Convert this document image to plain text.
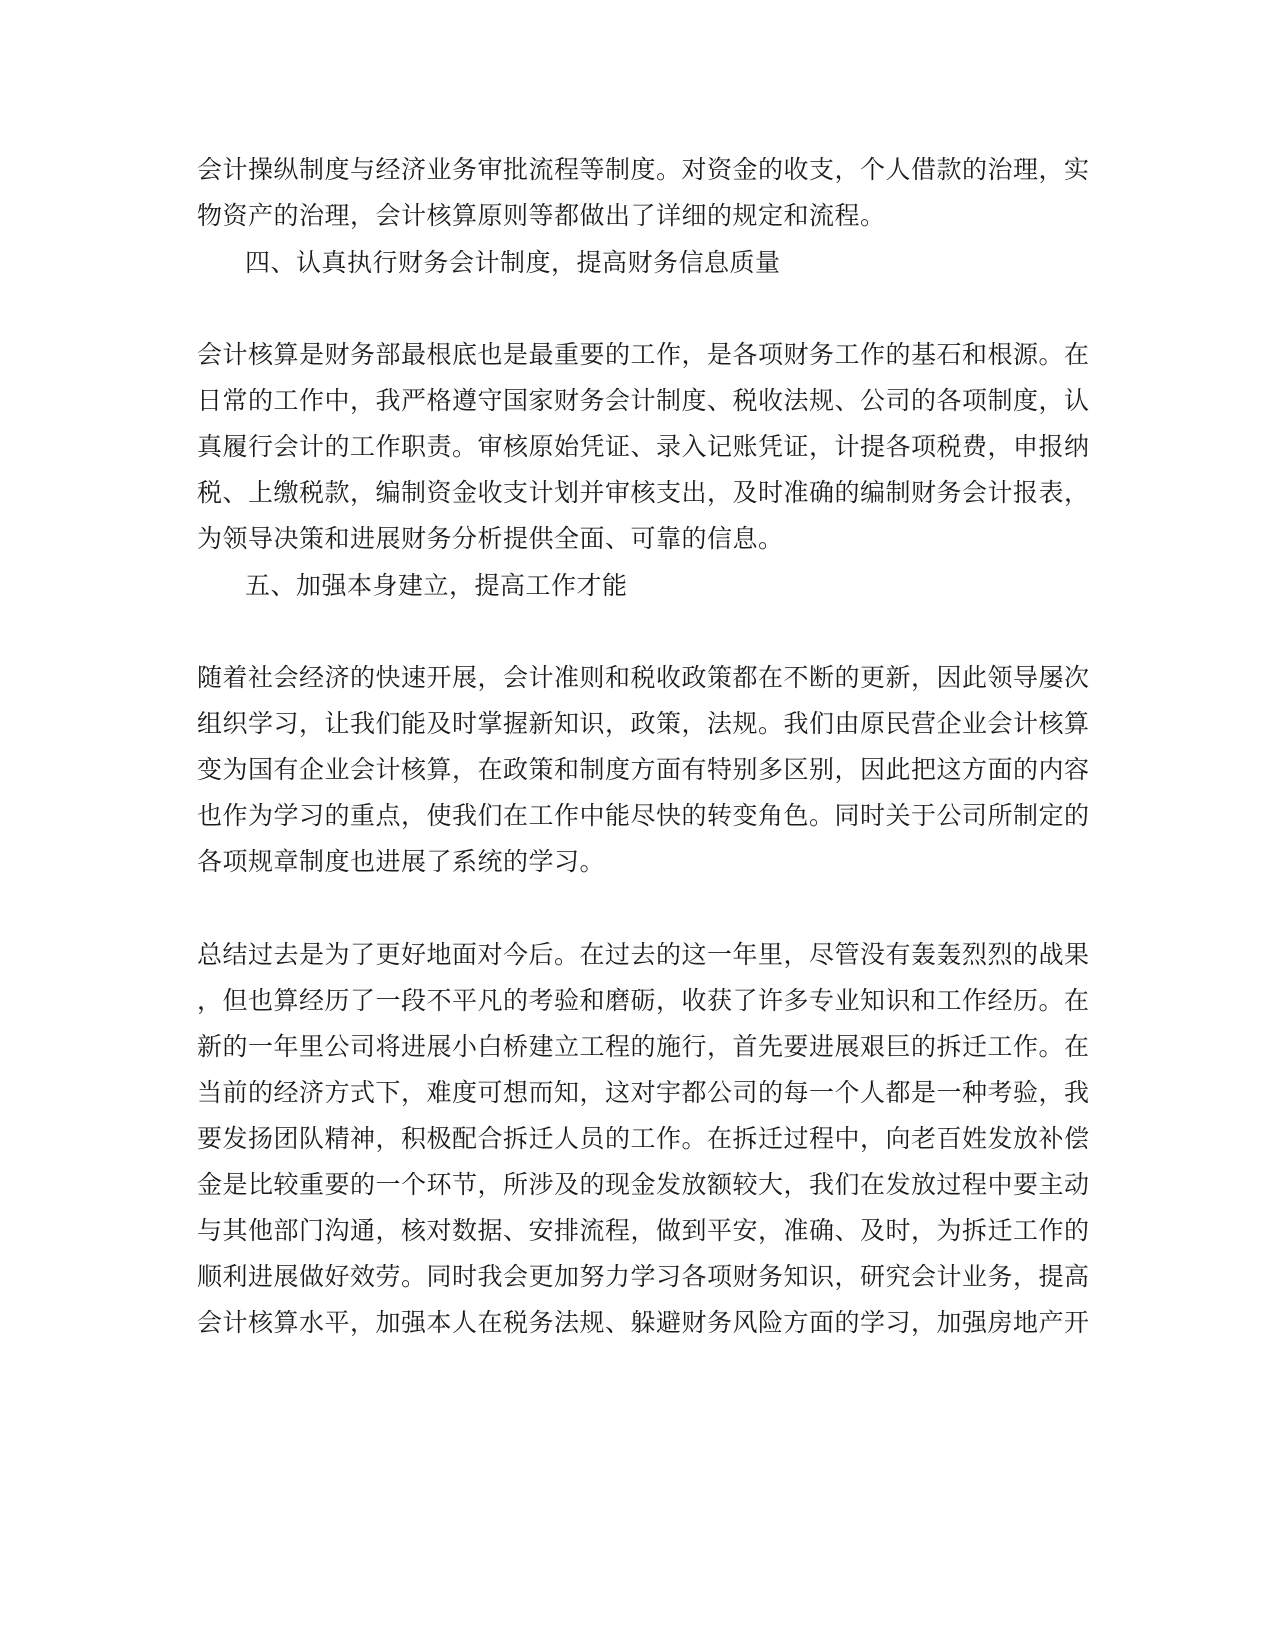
会计操纵制度与经济业务审批流程等制度。对资金的收支，个人借款的治理，实
物资产的治理，会计核算原则等都做出了详细的规定和流程。
四、认真执行财务会计制度，提高财务信息质量
会计核算是财务部最根底也是最重要的工作，是各项财务工作的基石和根源。在
日常的工作中，我严格遵守国家财务会计制度、税收法规、公司的各项制度，认
真履行会计的工作职责。审核原始凭证、录入记账凭证，计提各项税费，申报纳
税、上缴税款，编制资金收支计划并审核支出，及时准确的编制财务会计报表，
为领导决策和进展财务分析提供全面、可靠的信息。
五、加强本身建立，提高工作才能
随着社会经济的快速开展，会计准则和税收政策都在不断的更新，因此领导屡次
组织学习，让我们能及时掌握新知识，政策，法规。我们由原民营企业会计核算
变为国有企业会计核算，在政策和制度方面有特别多区别，因此把这方面的内容
也作为学习的重点，使我们在工作中能尽快的转变角色。同时关于公司所制定的
各项规章制度也进展了系统的学习。
总结过去是为了更好地面对今后。在过去的这一年里，尽管没有轰轰烈烈的战果
，但也算经历了一段不平凡的考验和磨砺，收获了许多专业知识和工作经历。在
新的一年里公司将进展小白桥建立工程的施行，首先要进展艰巨的拆迁工作。在
当前的经济方式下，难度可想而知，这对宇都公司的每一个人都是一种考验，我
要发扬团队精神，积极配合拆迁人员的工作。在拆迁过程中，向老百姓发放补偿
金是比较重要的一个环节，所涉及的现金发放额较大，我们在发放过程中要主动
与其他部门沟通，核对数据、安排流程，做到平安，准确、及时，为拆迁工作的
顺利进展做好效劳。同时我会更加努力学习各项财务知识，研究会计业务，提高
会计核算水平，加强本人在税务法规、躲避财务风险方面的学习，加强房地产开
